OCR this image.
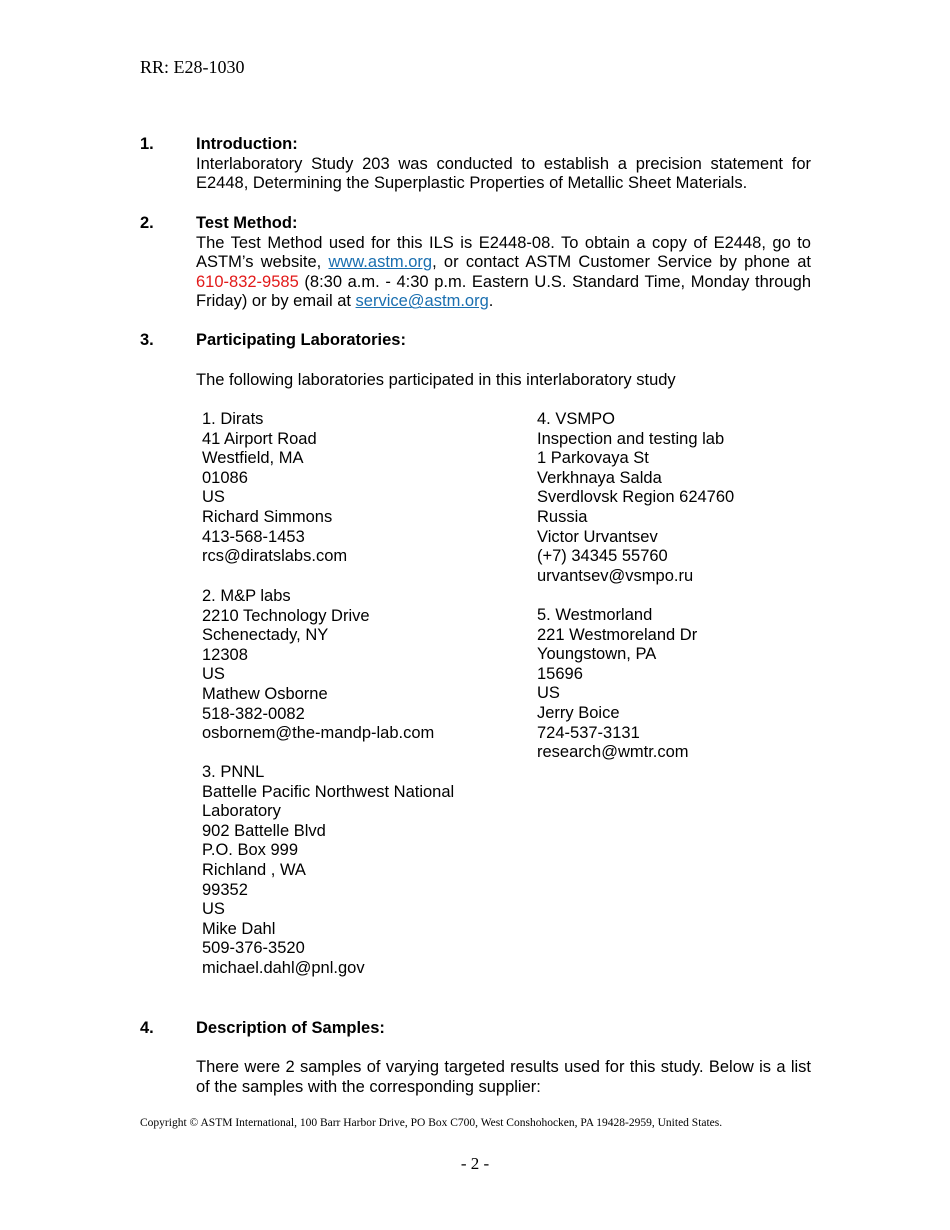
RR: E28-1030
1.	Introduction:
Interlaboratory Study 203 was conducted to establish a precision statement for E2448, Determining the Superplastic Properties of Metallic Sheet Materials.
2.	Test Method:
The Test Method used for this ILS is E2448-08. To obtain a copy of E2448, go to ASTM’s website, www.astm.org, or contact ASTM Customer Service by phone at 610-832-9585 (8:30 a.m. - 4:30 p.m. Eastern U.S. Standard Time, Monday through Friday) or by email at service@astm.org.
3.	Participating Laboratories:
The following laboratories participated in this interlaboratory study
1. Dirats
41 Airport Road
Westfield, MA
01086
US
Richard Simmons
413-568-1453
rcs@diratslabs.com
2. M&P labs
2210 Technology Drive
Schenectady, NY
12308
US
Mathew Osborne
518-382-0082
osbornem@the-mandp-lab.com
3. PNNL
Battelle Pacific Northwest National
Laboratory
902 Battelle Blvd
P.O. Box 999
Richland , WA
99352
US
Mike Dahl
509-376-3520
michael.dahl@pnl.gov
4. VSMPO
Inspection and testing lab
1 Parkovaya St
Verkhnaya Salda
Sverdlovsk Region 624760
Russia
Victor Urvantsev
(+7) 34345 55760
urvantsev@vsmpo.ru
5. Westmorland
221 Westmoreland Dr
Youngstown, PA
15696
US
Jerry Boice
724-537-3131
research@wmtr.com
4.	Description of Samples:
There were 2 samples of varying targeted results used for this study. Below is a list of the samples with the corresponding supplier:
Copyright © ASTM International, 100 Barr Harbor Drive, PO Box C700, West Conshohocken, PA 19428-2959, United States.
- 2 -
